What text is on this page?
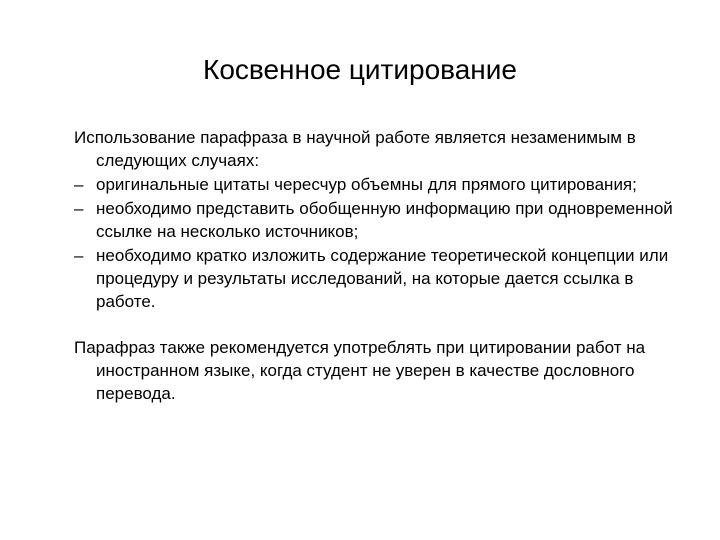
Косвенное цитирование

Использование парафраза в научной работе является незаменимым в следующих случаях:

– оригинальные цитаты чересчур объемны для прямого цитирования;
– необходимо представить обобщенную информацию при одновременной ссылке на несколько источников;
– необходимо кратко изложить содержание теоретической концепции или процедуру и результаты исследований, на которые дается ссылка в работе.

Парафраз также рекомендуется употреблять при цитировании работ на иностранном языке, когда студент не уверен в качестве дословного перевода.
